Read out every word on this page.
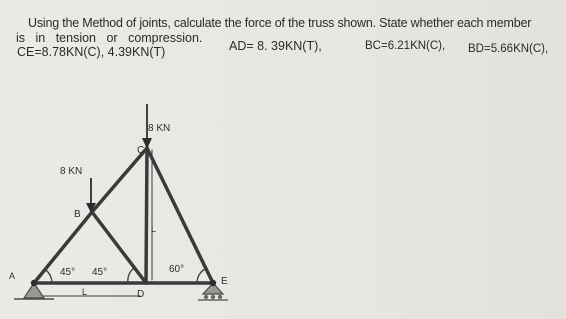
Using the Method of joints, calculate the force of the truss shown. State whether each member
is in tension or compression.
AD= 8. 39KN(T),	BC=6.21KN(C), BD=5.66KN(C),
CE=8.78KN(C), 4.39KN(T)
8 KN
8 KN
A
B
C
D
E
L
L
45° 45°	60°
